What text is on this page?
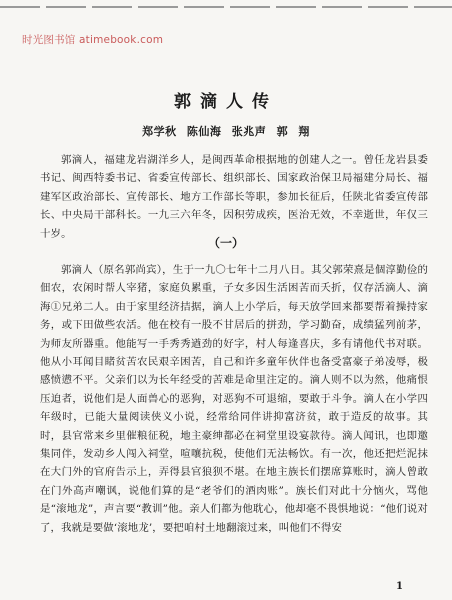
时光图书馆 atimebook.com
郭滴人传
郑学秋 陈仙海 张兆声 郭 翔

郭滴人，福建龙岩湖洋乡人，是闽西革命根据地的创建人之一。曾任龙岩县委书记、闽西特委书记、省委宣传部长、组织部长、国家政治保卫局福建分局长、福建军区政治部长、宣传部长、地方工作部长等职，参加长征后，任陕北省委宣传部长、中央局干部科长。一九三六年冬，因积劳成疾，医治无效，不幸逝世，年仅三十岁。

（一）

郭滴人（原名郭尚宾），生于一九〇七年十二月八日。其父郭荣熹是個淳勤俭的佃农，农闲时帮人宰猪，家庭负累重，子女多因生活困苦而夭折，仅存活滴人、滴海①兄弟二人。由于家里经济拮据，滴人上小学后，每天放学回来都要帮着操持家务，或下田做些农活。他在校有一股不甘居后的拼劲，学习勤奋，成绩猛列前茅，为师友所器重。他能写一手秀秀遒劲的好字，村人每逢喜庆，多有请他代书对联。他从小耳闻目睹贫苦农民艰辛困苦，自己和许多童年伙伴也备受富豪子弟凌辱，极感愤懑不平。父亲们以为长年经受的苦难是命里注定的。滴人则不以为然，他痛恨压迫者，说他们是人面兽心的恶狗，对恶狗不可退缩，要敢于斗争。滴人在小学四年级时，已能大量阅读侠义小说，经常给同伴讲抑富济贫，敢于造反的故事。其时，县官常来乡里催粮征税，地主豪绅都必在祠堂里设宴款待。滴人闻讯，也即邀集同伴，发动乡人闯入祠堂，喧嚷抗税，使他们无法畅饮。有一次，他还把烂泥抹在大门外的官府告示上，弄得县官狼狈不堪。在地主族长们摆席算账时，滴人曾敢在门外高声嘲讽，说他们算的是“老爷们的酒肉账”。族长们对此十分恼火，骂他是“滚地龙”，声言要“教训”他。亲人们都为他耽心，他却毫不畏惧地说：“他们说对了，我就是要做‘滚地龙’，要把咱村土地翻滚过来，叫他们不得安

1
